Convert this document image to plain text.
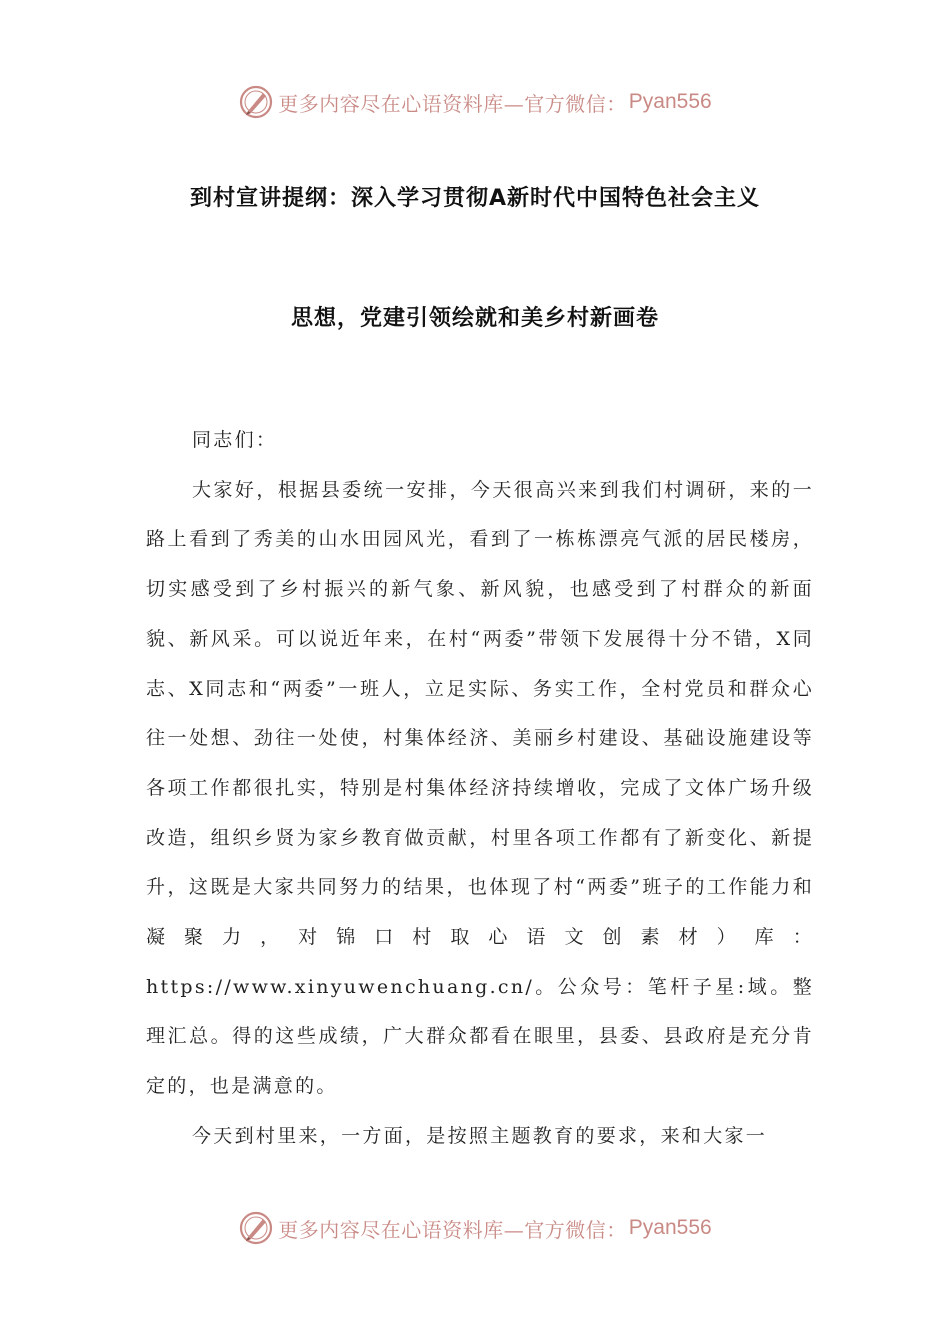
更多内容尽在心语资料库—官方微信： Pyan556
到村宣讲提纲：深入学习贯彻A新时代中国特色社会主义
思想，党建引领绘就和美乡村新画卷

同志们：

大家好，根据县委统一安排，今天很高兴来到我们村调研，来的一路上看到了秀美的山水田园风光，看到了一栋栋漂亮气派的居民楼房，切实感受到了乡村振兴的新气象、新风貌，也感受到了村群众的新面貌、新风采。可以说近年来，在村“两委”带领下发展得十分不错，X同志、X同志和“两委”一班人，立足实际、务实工作，全村党员和群众心往一处想、劲往一处使，村集体经济、美丽乡村建设、基础设施建设等各项工作都很扎实，特别是村集体经济持续增收，完成了文体广场升级改造，组织乡贤为家乡教育做贡献，村里各项工作都有了新变化、新提升，这既是大家共同努力的结果，也体现了村“两委”班子的工作能力和凝聚力，对锦口村取心语文创素材）库：https://www.xinyuwenchuang.cn/。公众号：笔杆子星:域。整理汇总。得的这些成绩，广大群众都看在眼里，县委、县政府是充分肯定的，也是满意的。

今天到村里来，一方面，是按照主题教育的要求，来和大家一

更多内容尽在心语资料库—官方微信： Pyan556
